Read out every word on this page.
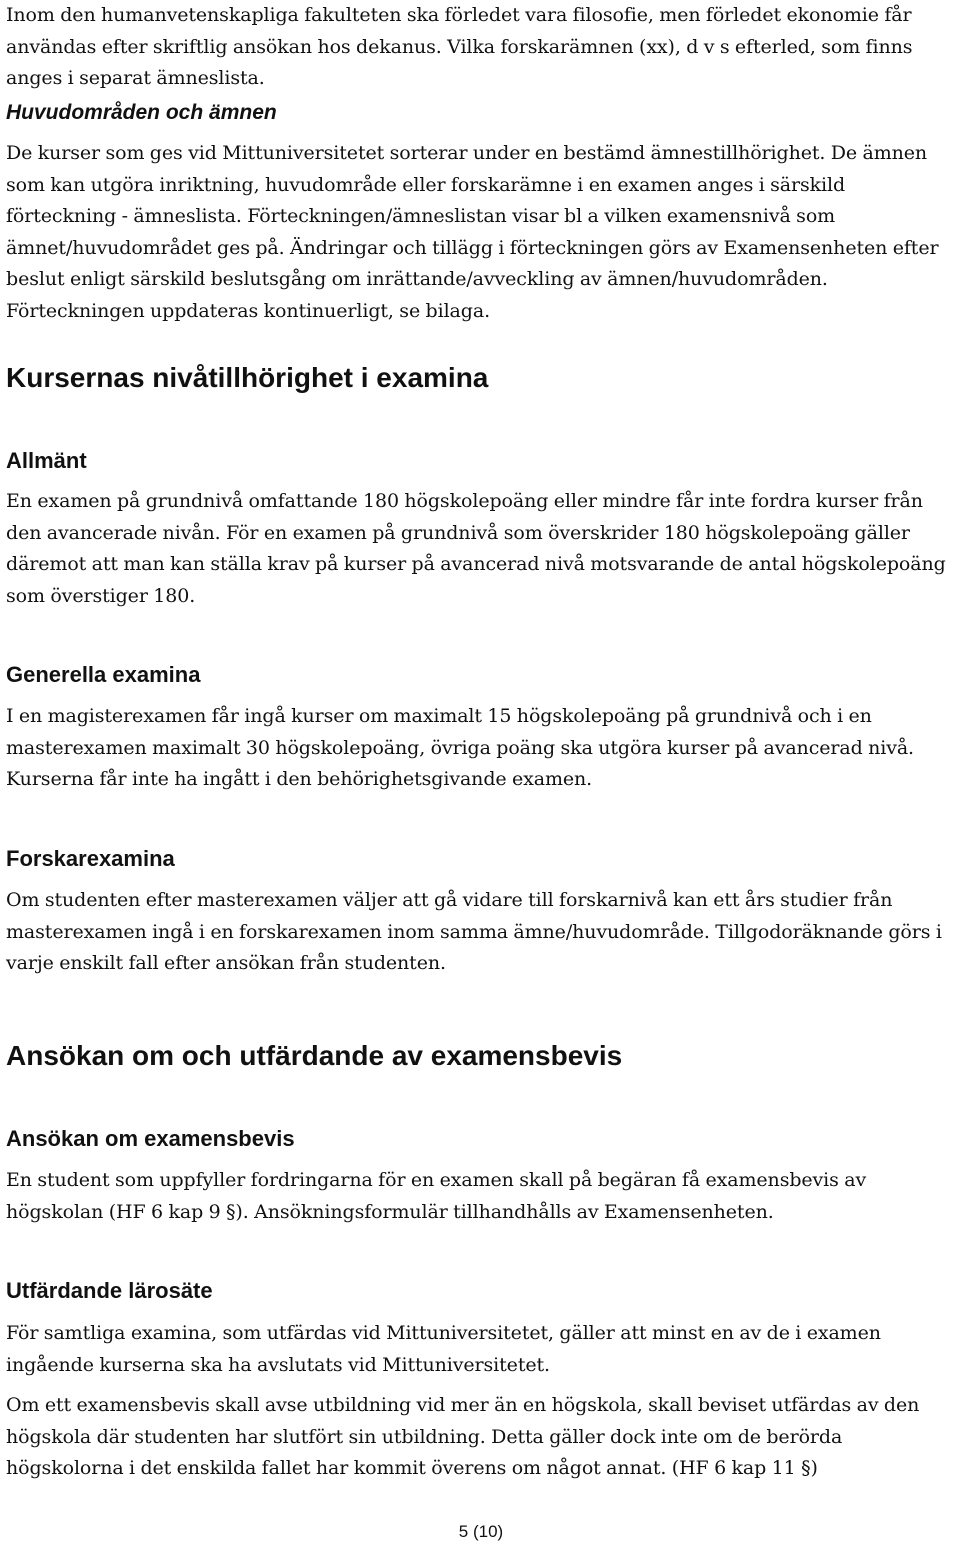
Inom den humanvetenskapliga fakulteten ska förledet vara filosofie, men förledet ekonomie får användas efter skriftlig ansökan hos dekanus. Vilka forskarämnen (xx), d v s efterled, som finns anges i separat ämneslista.

Huvudområden och ämnen

De kurser som ges vid Mittuniversitetet sorterar under en bestämd ämnestillhörighet. De ämnen som kan utgöra inriktning, huvudområde eller forskarämne i en examen anges i särskild förteckning - ämneslista. Förteckningen/ämneslistan visar bl a vilken examensnivå som ämnet/huvudområdet ges på. Ändringar och tillägg i förteckningen görs av Examensenheten efter beslut enligt särskild beslutsgång om inrättande/avveckling av ämnen/huvudområden. Förteckningen uppdateras kontinuerligt, se bilaga.

Kursernas nivåtillhörighet i examina
Allmänt

En examen på grundnivå omfattande 180 högskolepoäng eller mindre får inte fordra kurser från den avancerade nivån. För en examen på grundnivå som överskrider 180 högskolepoäng gäller däremot att man kan ställa krav på kurser på avancerad nivå motsvarande de antal högskolepoäng som överstiger 180.

Generella examina

I en magisterexamen får ingå kurser om maximalt 15 högskolepoäng på grundnivå och i en masterexamen maximalt 30 högskolepoäng, övriga poäng ska utgöra kurser på avancerad nivå. Kurserna får inte ha ingått i den behörighetsgivande examen.

Forskarexamina

Om studenten efter masterexamen väljer att gå vidare till forskarnivå kan ett års studier från masterexamen ingå i en forskarexamen inom samma ämne/huvudområde. Tillgodoräknande görs i varje enskilt fall efter ansökan från studenten.

Ansökan om och utfärdande av examensbevis
Ansökan om examensbevis

En student som uppfyller fordringarna för en examen skall på begäran få examensbevis av högskolan (HF 6 kap 9 §). Ansökningsformulär tillhandhålls av Examensenheten.

Utfärdande lärosäte

För samtliga examina, som utfärdas vid Mittuniversitetet, gäller att minst en av de i examen ingående kurserna ska ha avslutats vid Mittuniversitetet.

Om ett examensbevis skall avse utbildning vid mer än en högskola, skall beviset utfärdas av den högskola där studenten har slutfört sin utbildning. Detta gäller dock inte om de berörda högskolorna i det enskilda fallet har kommit överens om något annat. (HF 6 kap 11 §)

5 (10)
